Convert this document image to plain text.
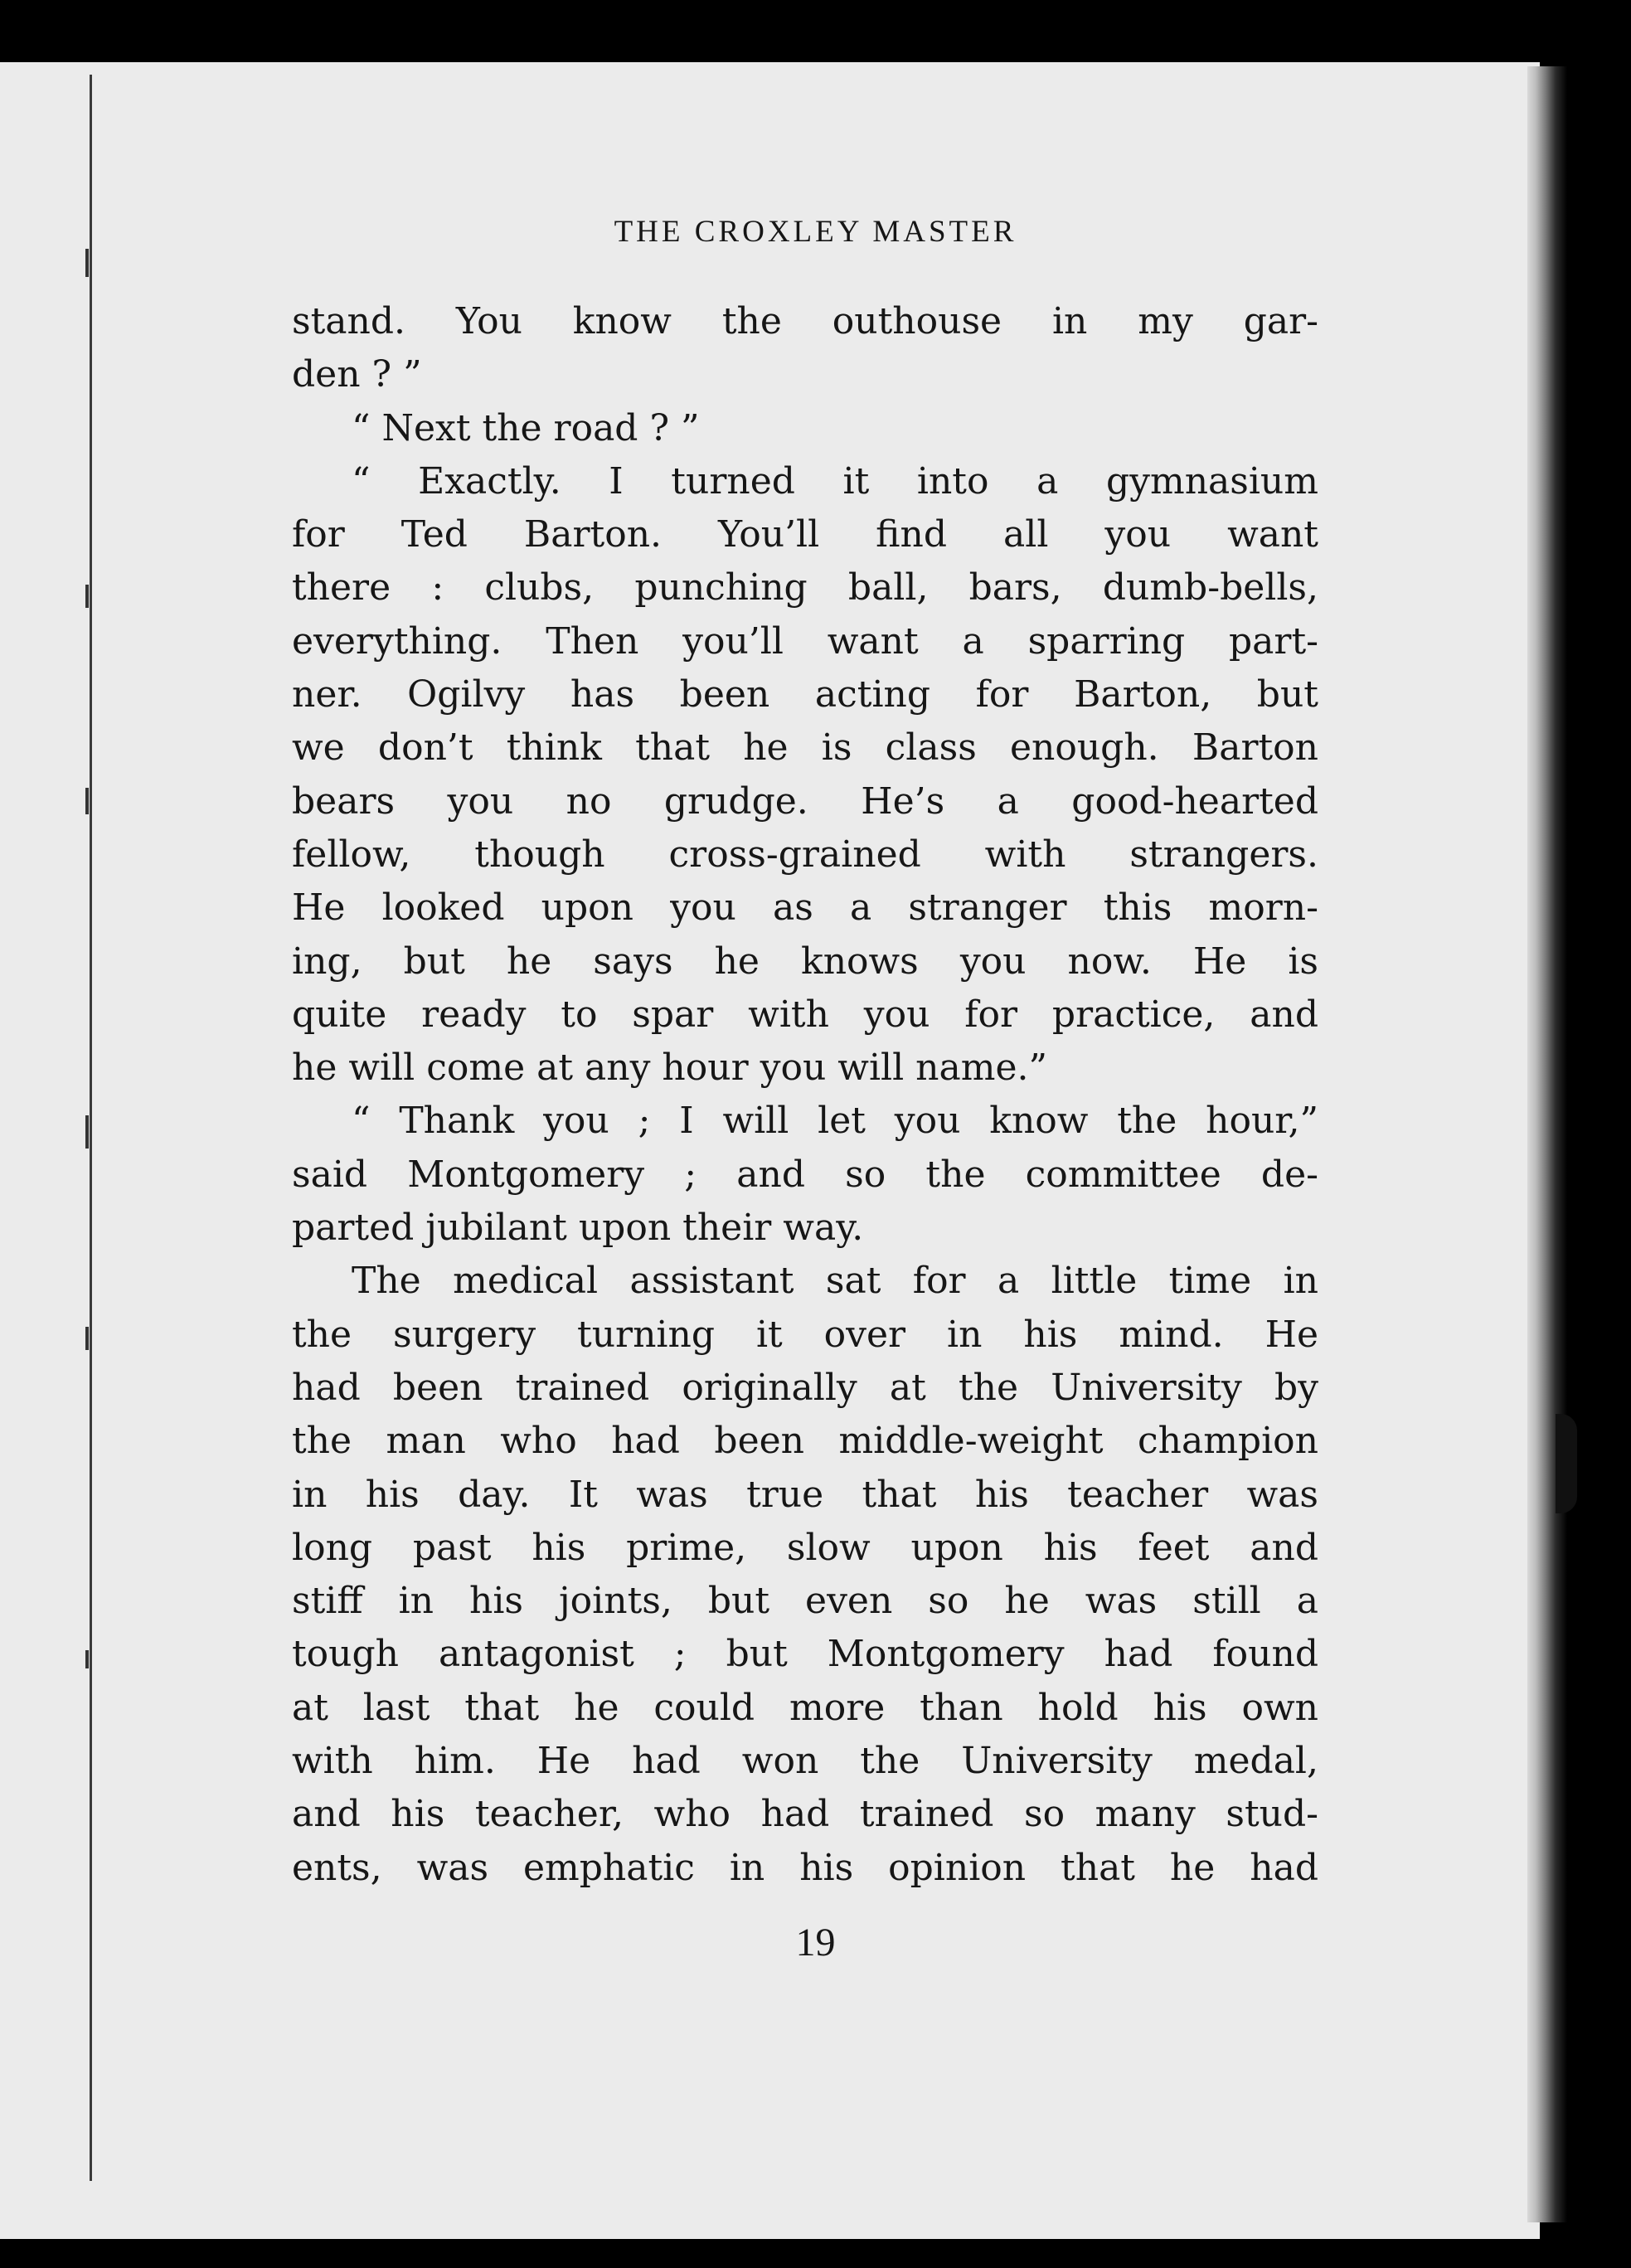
THE CROXLEY MASTER
stand. You know the outhouse in my gar-
den ? ”
“ Next the road ? ”
“ Exactly. I turned it into a gymnasium
for Ted Barton. You’ll find all you want
there : clubs, punching ball, bars, dumb-bells,
everything. Then you’ll want a sparring part-
ner. Ogilvy has been acting for Barton, but
we don’t think that he is class enough. Barton
bears you no grudge. He’s a good-hearted
fellow, though cross-grained with strangers.
He looked upon you as a stranger this morn-
ing, but he says he knows you now. He is
quite ready to spar with you for practice, and
he will come at any hour you will name.”
“ Thank you ; I will let you know the hour,”
said Montgomery ; and so the committee de-
parted jubilant upon their way.
The medical assistant sat for a little time in
the surgery turning it over in his mind. He
had been trained originally at the University by
the man who had been middle-weight champion
in his day. It was true that his teacher was
long past his prime, slow upon his feet and
stiff in his joints, but even so he was still a
tough antagonist ; but Montgomery had found
at last that he could more than hold his own
with him. He had won the University medal,
and his teacher, who had trained so many stud-
ents, was emphatic in his opinion that he had
19
